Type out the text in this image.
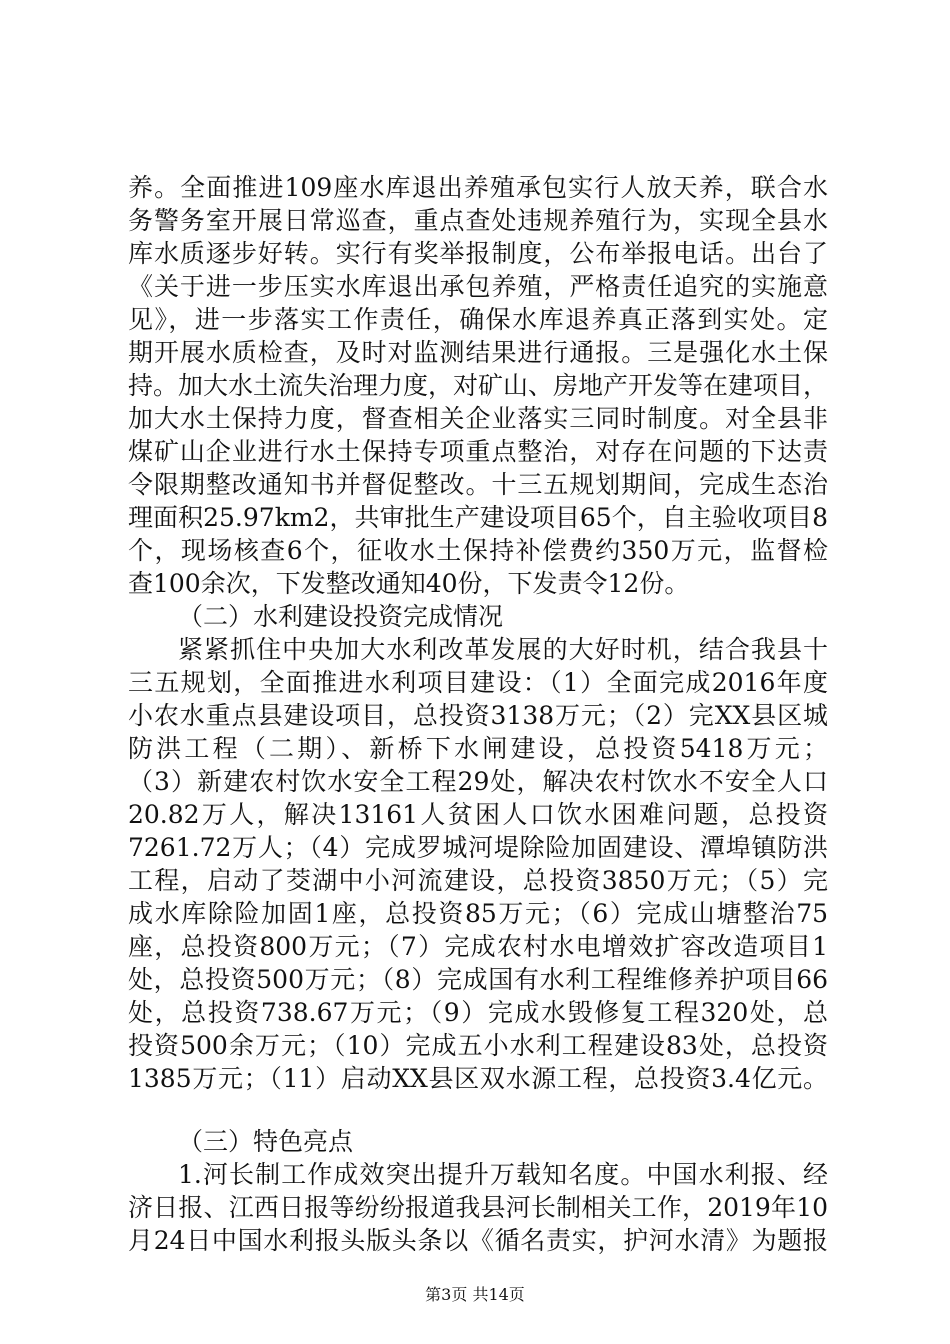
养。全面推进109座水库退出养殖承包实行人放天养，联合水
务警务室开展日常巡查，重点查处违规养殖行为，实现全县水
库水质逐步好转。实行有奖举报制度，公布举报电话。出台了
《关于进一步压实水库退出承包养殖，严格责任追究的实施意
见》，进一步落实工作责任，确保水库退养真正落到实处。定
期开展水质检查，及时对监测结果进行通报。三是强化水土保
持。加大水土流失治理力度，对矿山、房地产开发等在建项目，
加大水土保持力度，督查相关企业落实三同时制度。对全县非
煤矿山企业进行水土保持专项重点整治，对存在问题的下达责
令限期整改通知书并督促整改。十三五规划期间，完成生态治
理面积25.97km2，共审批生产建设项目65个，自主验收项目8
个，现场核查6个，征收水土保持补偿费约350万元，监督检
查100余次，下发整改通知40份，下发责令12份。
（二）水利建设投资完成情况
紧紧抓住中央加大水利改革发展的大好时机，结合我县十
三五规划，全面推进水利项目建设：（1）全面完成2016年度
小农水重点县建设项目，总投资3138万元；（2）完XX县区城
防洪工程（二期）、新桥下水闸建设，总投资5418万元；
（3）新建农村饮水安全工程29处，解决农村饮水不安全人口
20.82万人，解决13161人贫困人口饮水困难问题，总投资
7261.72万人；（4）完成罗城河堤除险加固建设、潭埠镇防洪
工程，启动了茭湖中小河流建设，总投资3850万元；（5）完
成水库除险加固1座，总投资85万元；（6）完成山塘整治75
座，总投资800万元；（7）完成农村水电增效扩容改造项目1
处，总投资500万元；（8）完成国有水利工程维修养护项目66
处，总投资738.67万元；（9）完成水毁修复工程320处，总
投资500余万元；（10）完成五小水利工程建设83处，总投资
1385万元；（11）启动XX县区双水源工程，总投资3.4亿元。
（三）特色亮点
1.河长制工作成效突出提升万载知名度。中国水利报、经
济日报、江西日报等纷纷报道我县河长制相关工作，2019年10
月24日中国水利报头版头条以《循名责实，护河水清》为题报
第3页 共14页
